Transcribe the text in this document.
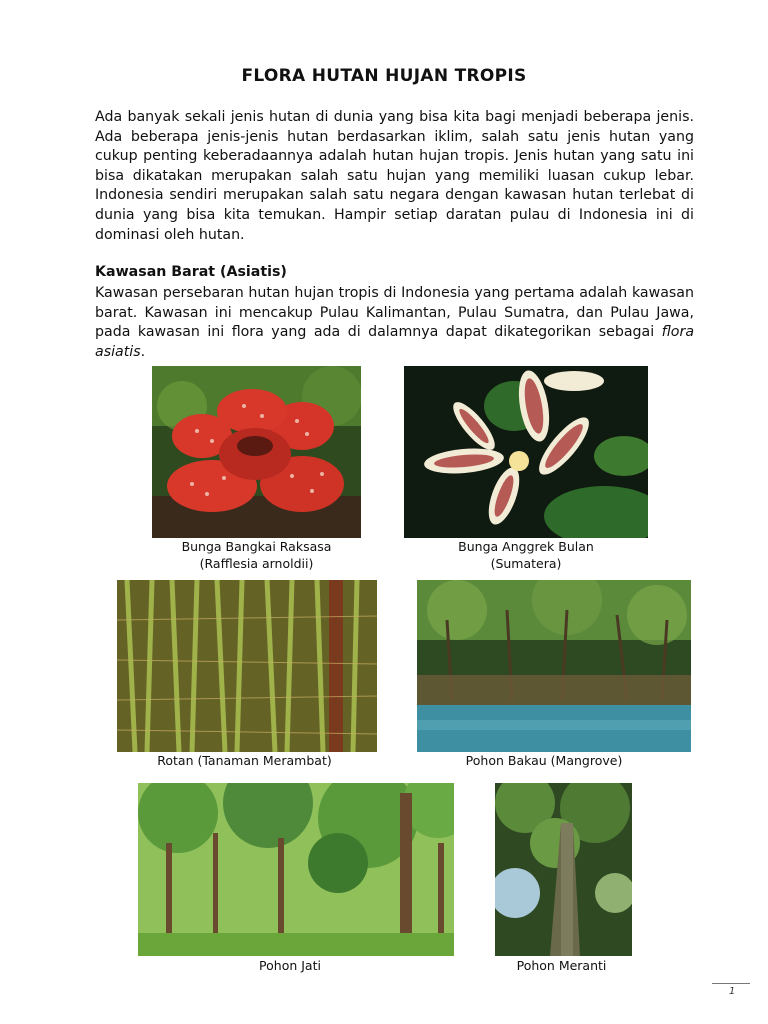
FLORA HUTAN HUJAN TROPIS
Ada banyak sekali jenis hutan di dunia yang bisa kita bagi menjadi beberapa jenis. Ada beberapa jenis-jenis hutan berdasarkan iklim, salah satu jenis hutan yang cukup penting keberadaannya adalah hutan hujan tropis. Jenis hutan yang satu ini bisa dikatakan merupakan salah satu hujan yang memiliki luasan cukup lebar. Indonesia sendiri merupakan salah satu negara dengan kawasan hutan terlebat di dunia yang bisa kita temukan. Hampir setiap daratan pulau di Indonesia ini di dominasi oleh hutan.
Kawasan Barat (Asiatis)
Kawasan persebaran hutan hujan tropis di Indonesia yang pertama adalah kawasan barat. Kawasan ini mencakup Pulau Kalimantan, Pulau Sumatra, dan Pulau Jawa, pada kawasan ini flora yang ada di dalamnya dapat dikategorikan sebagai flora asiatis.
Bunga Bangkai Raksasa
(Rafflesia arnoldii)
Bunga Anggrek Bulan
(Sumatera)
Rotan (Tanaman Merambat)	Pohon Bakau (Mangrove)
Pohon Jati	Pohon Meranti
1
